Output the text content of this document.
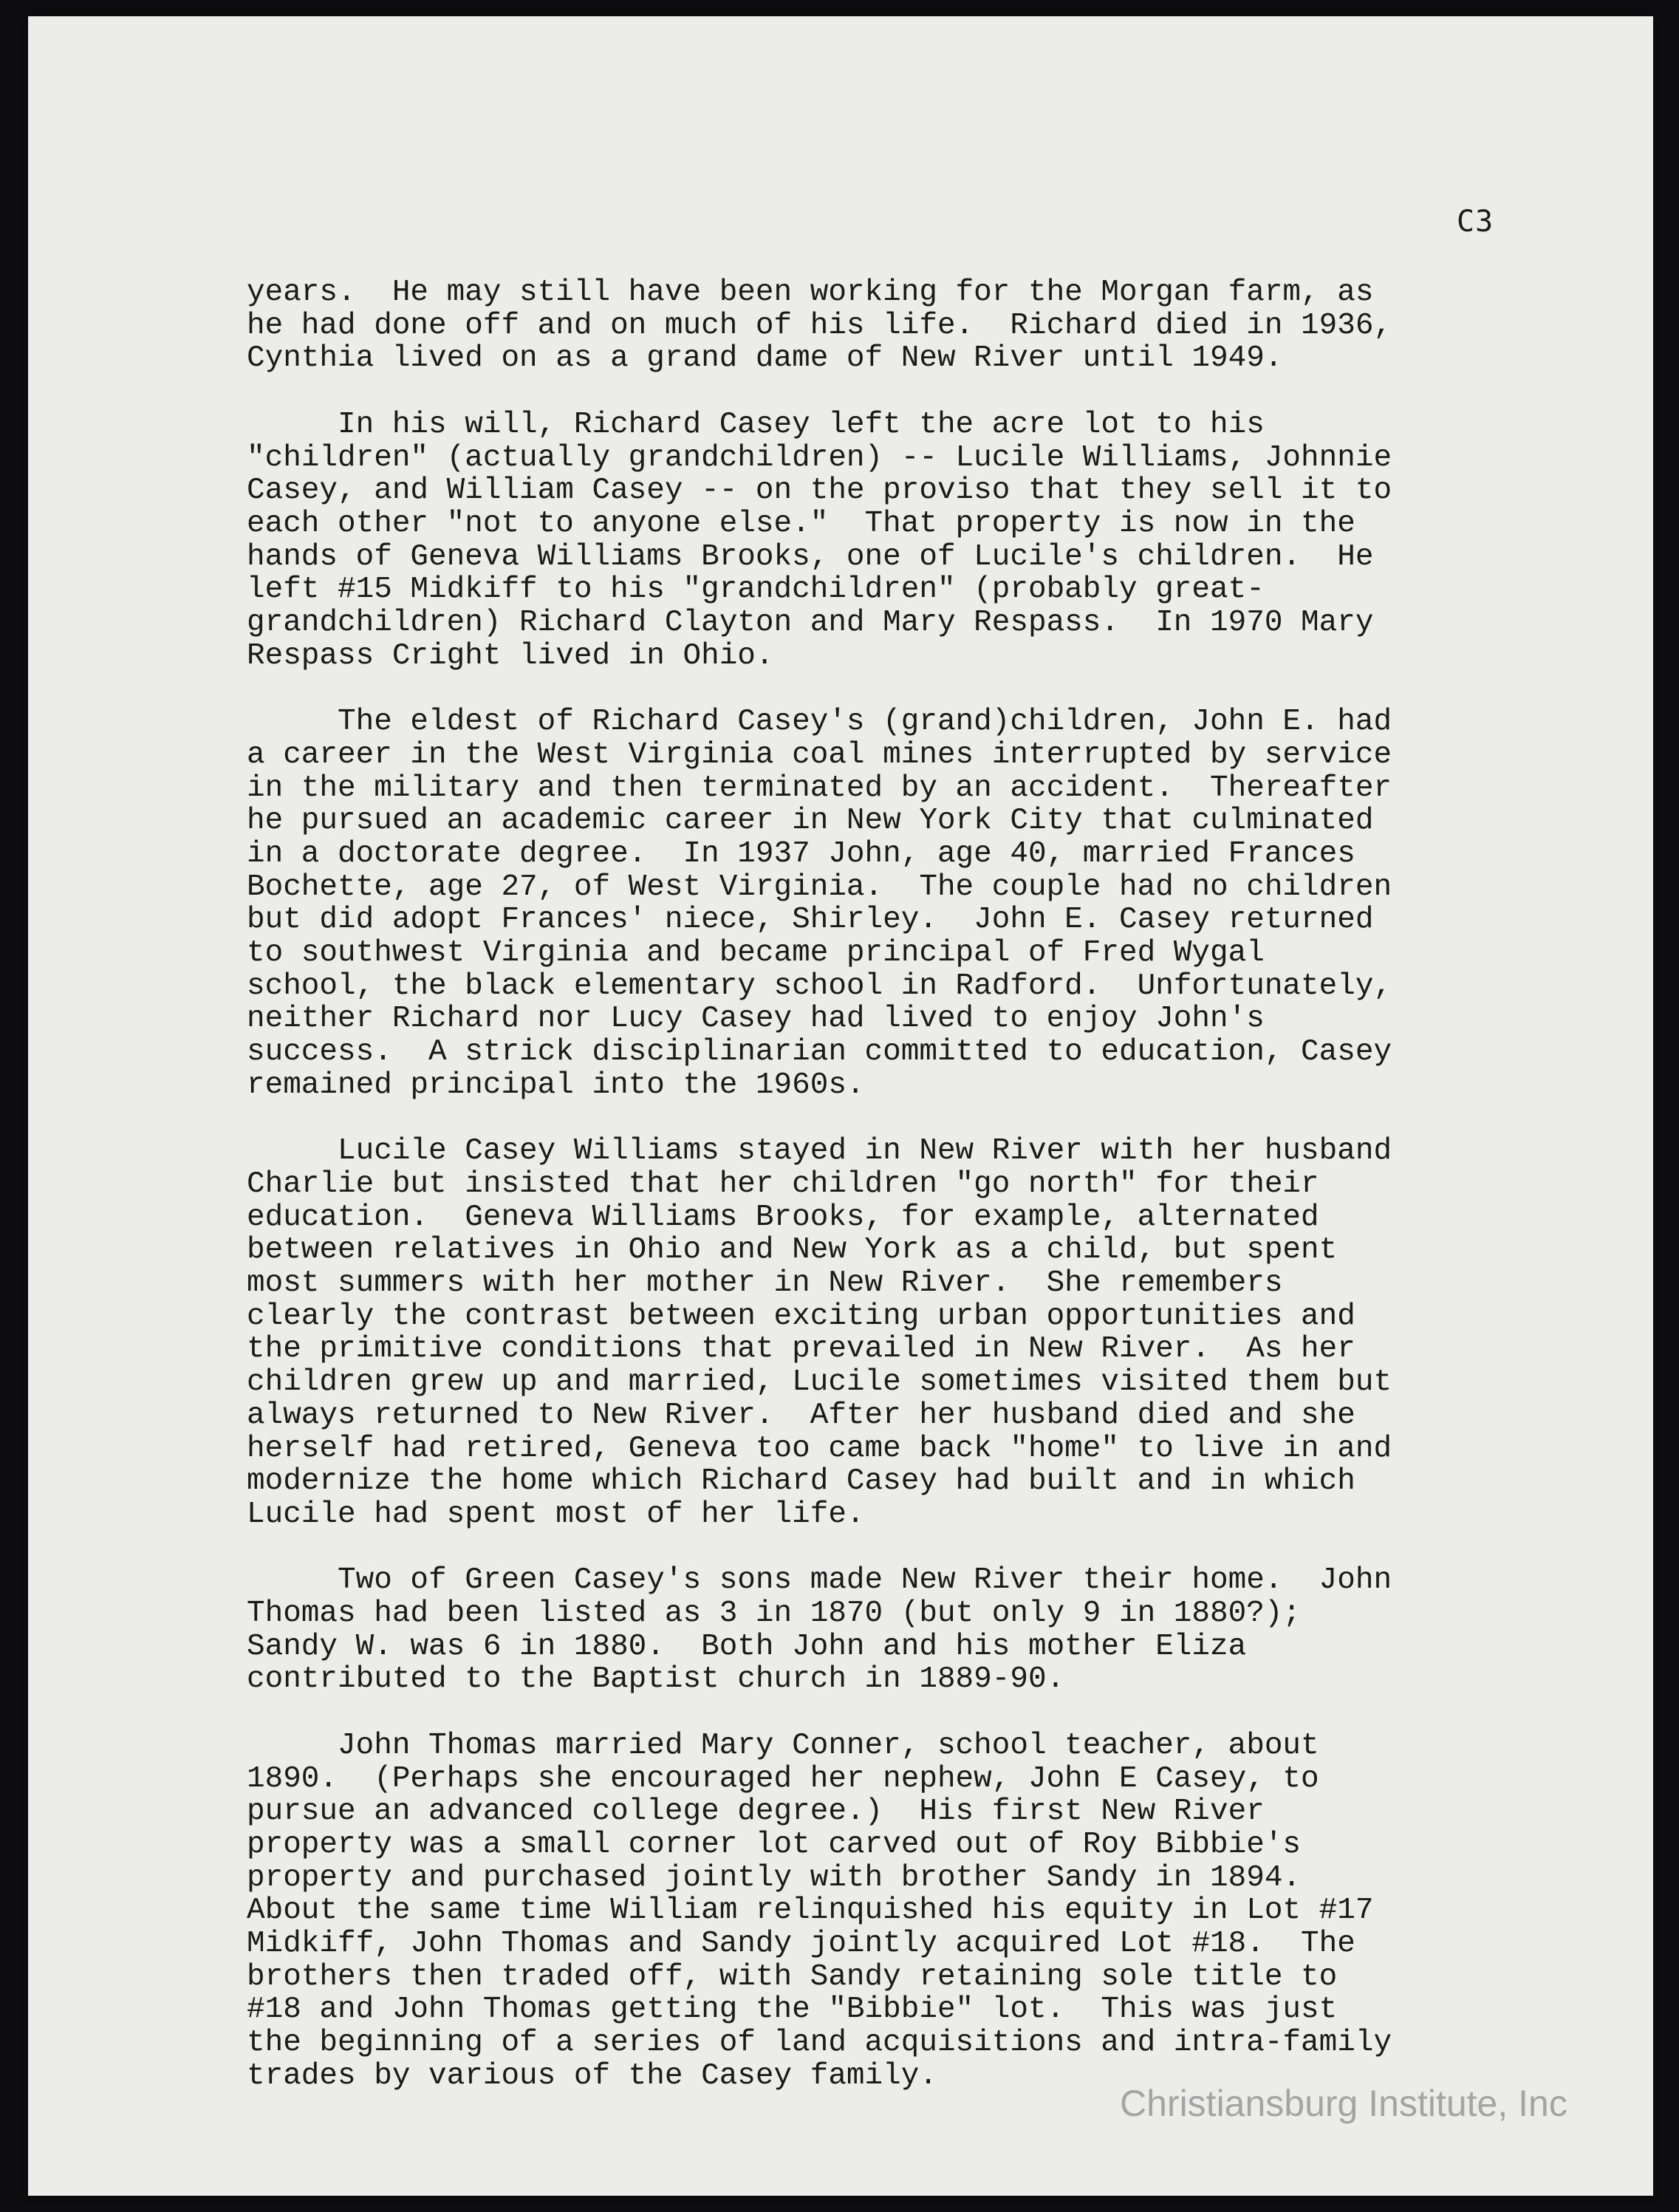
C3
years.  He may still have been working for the Morgan farm, as
he had done off and on much of his life.  Richard died in 1936,
Cynthia lived on as a grand dame of New River until 1949.
In his will, Richard Casey left the acre lot to his
"children" (actually grandchildren) -- Lucile Williams, Johnnie
Casey, and William Casey -- on the proviso that they sell it to
each other "not to anyone else."  That property is now in the
hands of Geneva Williams Brooks, one of Lucile's children.  He
left #15 Midkiff to his "grandchildren" (probably great-
grandchildren) Richard Clayton and Mary Respass.  In 1970 Mary
Respass Cright lived in Ohio.
The eldest of Richard Casey's (grand)children, John E. had
a career in the West Virginia coal mines interrupted by service
in the military and then terminated by an accident.  Thereafter
he pursued an academic career in New York City that culminated
in a doctorate degree.  In 1937 John, age 40, married Frances
Bochette, age 27, of West Virginia.  The couple had no children
but did adopt Frances' niece, Shirley.  John E. Casey returned
to southwest Virginia and became principal of Fred Wygal
school, the black elementary school in Radford.  Unfortunately,
neither Richard nor Lucy Casey had lived to enjoy John's
success.  A strick disciplinarian committed to education, Casey
remained principal into the 1960s.
Lucile Casey Williams stayed in New River with her husband
Charlie but insisted that her children "go north" for their
education.  Geneva Williams Brooks, for example, alternated
between relatives in Ohio and New York as a child, but spent
most summers with her mother in New River.  She remembers
clearly the contrast between exciting urban opportunities and
the primitive conditions that prevailed in New River.  As her
children grew up and married, Lucile sometimes visited them but
always returned to New River.  After her husband died and she
herself had retired, Geneva too came back "home" to live in and
modernize the home which Richard Casey had built and in which
Lucile had spent most of her life.
Two of Green Casey's sons made New River their home.  John
Thomas had been listed as 3 in 1870 (but only 9 in 1880?);
Sandy W. was 6 in 1880.  Both John and his mother Eliza
contributed to the Baptist church in 1889-90.
John Thomas married Mary Conner, school teacher, about
1890.  (Perhaps she encouraged her nephew, John E Casey, to
pursue an advanced college degree.)  His first New River
property was a small corner lot carved out of Roy Bibbie's
property and purchased jointly with brother Sandy in 1894.
About the same time William relinquished his equity in Lot #17
Midkiff, John Thomas and Sandy jointly acquired Lot #18.  The
brothers then traded off, with Sandy retaining sole title to
#18 and John Thomas getting the "Bibbie" lot.  This was just
the beginning of a series of land acquisitions and intra-family
trades by various of the Casey family.
Christiansburg Institute, Inc
